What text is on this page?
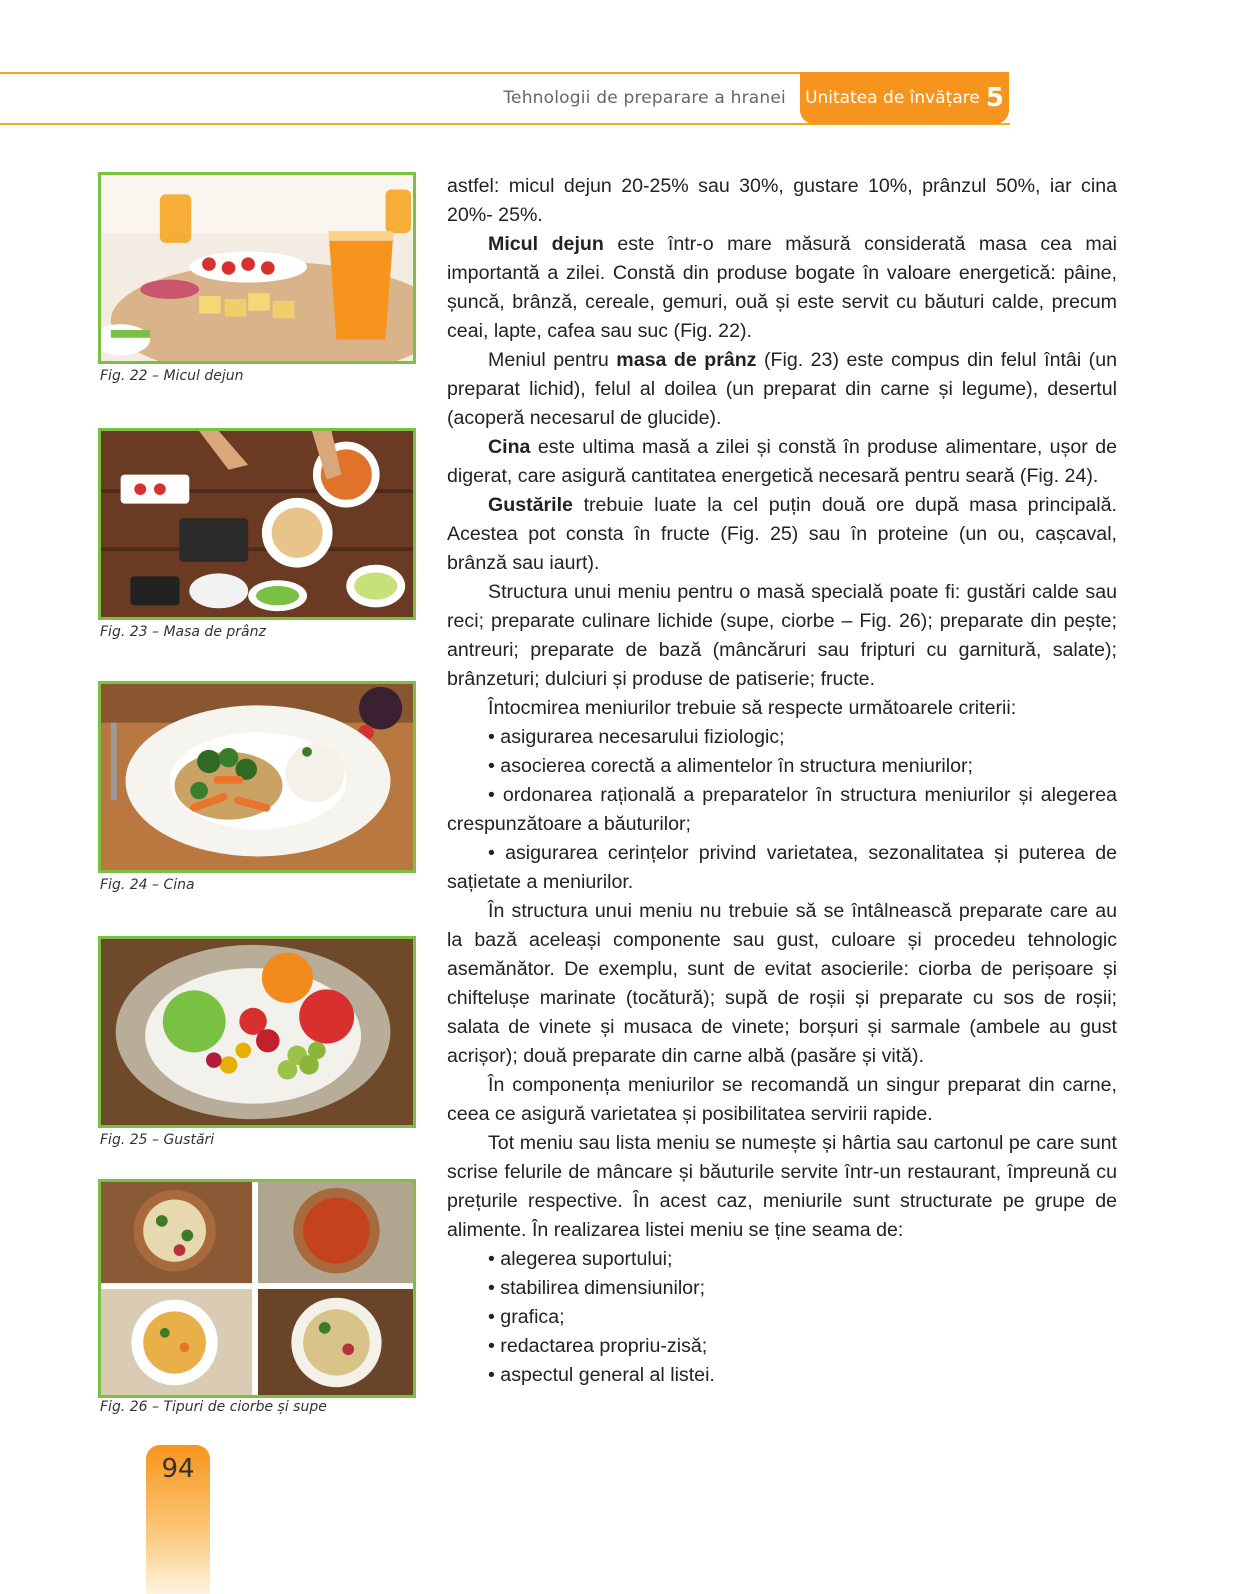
Tehnologii de preparare a hranei Unitatea de învățare 5
Fig. 22 – Micul dejun
Fig. 23 – Masa de prânz
Fig. 24 – Cina
Fig. 25 – Gustări
Fig. 26 – Tipuri de ciorbe și supe

astfel: micul dejun 20-25% sau 30%, gustare 10%, prânzul 50%, iar cina 20%- 25%.

Micul dejun este într-o mare măsură considerată masa cea mai importantă a zilei. Constă din produse bogate în valoare energetică: pâine, șuncă, brânză, cereale, gemuri, ouă și este servit cu băuturi calde, precum ceai, lapte, cafea sau suc (Fig. 22).

Meniul pentru masa de prânz (Fig. 23) este compus din felul întâi (un preparat lichid), felul al doilea (un preparat din carne și legume), desertul (acoperă necesarul de glucide).

Cina este ultima masă a zilei și constă în produse alimentare, ușor de digerat, care asigură cantitatea energetică necesară pentru seară (Fig. 24).

Gustările trebuie luate la cel puțin două ore după masa principală. Acestea pot consta în fructe (Fig. 25) sau în proteine (un ou, cașcaval, brânză sau iaurt).

Structura unui meniu pentru o masă specială poate fi: gustări calde sau reci; preparate culinare lichide (supe, ciorbe – Fig. 26); preparate din pește; antreuri; preparate de bază (mâncăruri sau fripturi cu garnitură, salate); brânzeturi; dulciuri și produse de patiserie; fructe.

Întocmirea meniurilor trebuie să respecte următoarele criterii:

• asigurarea necesarului fiziologic;

• asocierea corectă a alimentelor în structura meniurilor;

• ordonarea rațională a preparatelor în structura meniurilor și alegerea crespunzătoare a băuturilor;

• asigurarea cerințelor privind varietatea, sezonalitatea și puterea de sațietate a meniurilor.

În structura unui meniu nu trebuie să se întâlnească preparate care au la bază aceleași componente sau gust, culoare și procedeu tehnologic asemănător. De exemplu, sunt de evitat asocierile: ciorba de perișoare și chiftelușe marinate (tocătură); supă de roșii și preparate cu sos de roșii; salata de vinete și musaca de vinete; borșuri și sarmale (ambele au gust acrișor); două preparate din carne albă (pasăre și vită).

În componența meniurilor se recomandă un singur preparat din carne, ceea ce asigură varietatea și posibilitatea servirii rapide.

Tot meniu sau lista meniu se numește și hârtia sau cartonul pe care sunt scrise felurile de mâncare și băuturile servite într-un restaurant, împreună cu prețurile respective. În acest caz, meniurile sunt structurate pe grupe de alimente. În realizarea listei meniu se ține seama de:

• alegerea suportului;

• stabilirea dimensiunilor;

• grafica;

• redactarea propriu-zisă;

• aspectul general al listei.

94
